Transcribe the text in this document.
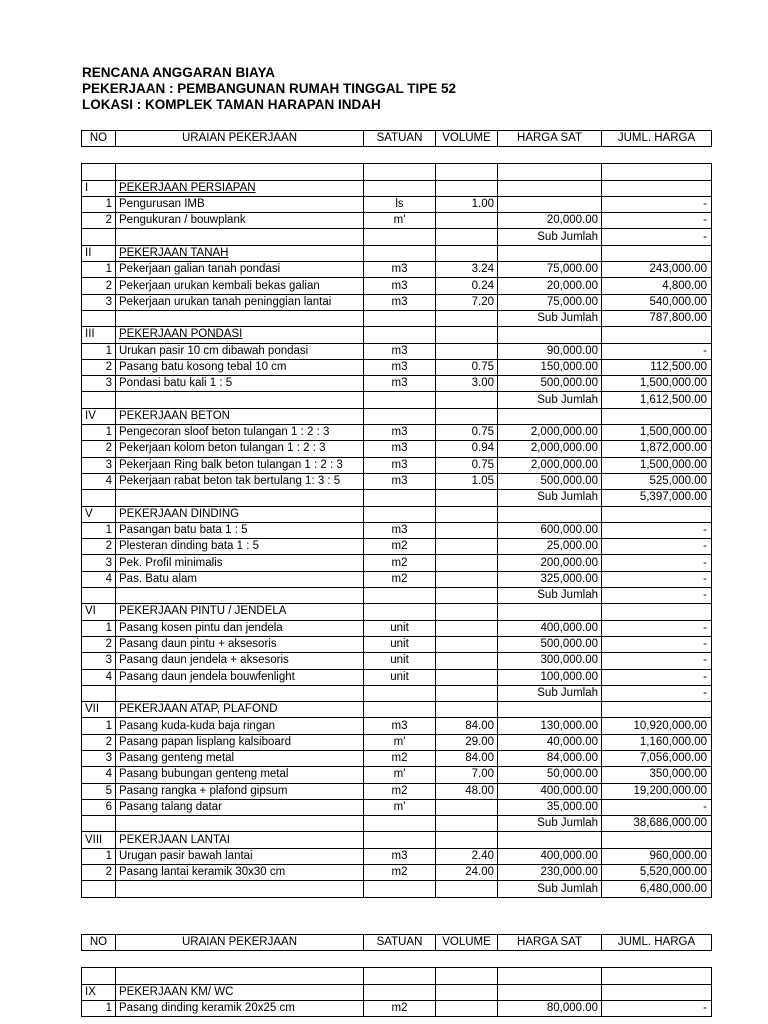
RENCANA ANGGARAN BIAYA
PEKERJAAN : PEMBANGUNAN RUMAH TINGGAL TIPE 52
LOKASI : KOMPLEK TAMAN HARAPAN INDAH
NO	URAIAN PEKERJAAN	SATUAN	VOLUME	HARGA SAT	JUML. HARGA

I	PEKERJAAN PERSIAPAN				
1	Pengurusan IMB	ls	1.00		-
2	Pengukuran / bouwplank	m'		20,000.00	-
				Sub Jumlah	-
II	PEKERJAAN TANAH				
1	Pekerjaan galian tanah pondasi	m3	3.24	75,000.00	243,000.00
2	Pekerjaan urukan kembali bekas galian	m3	0.24	20,000.00	4,800.00
3	Pekerjaan urukan tanah peninggian lantai	m3	7.20	75,000.00	540,000.00
				Sub Jumlah	787,800.00
III	PEKERJAAN PONDASI				
1	Urukan pasir 10 cm dibawah pondasi	m3		90,000.00	-
2	Pasang batu kosong tebal 10 cm	m3	0.75	150,000.00	112,500.00
3	Pondasi batu kali 1 : 5	m3	3.00	500,000.00	1,500,000.00
				Sub Jumlah	1,612,500.00
IV	PEKERJAAN BETON				
1	Pengecoran sloof beton tulangan 1 : 2 : 3	m3	0.75	2,000,000.00	1,500,000.00
2	Pekerjaan kolom beton tulangan 1 : 2 : 3	m3	0.94	2,000,000.00	1,872,000.00
3	Pekerjaan Ring balk beton tulangan 1 : 2 : 3	m3	0.75	2,000,000.00	1,500,000.00
4	Pekerjaan rabat beton tak bertulang 1: 3 : 5	m3	1.05	500,000.00	525,000.00
				Sub Jumlah	5,397,000.00
V	PEKERJAAN DINDING				
1	Pasangan batu bata 1 : 5	m3		600,000.00	-
2	Plesteran dinding bata 1 : 5	m2		25,000.00	-
3	Pek. Profil minimalis	m2		200,000.00	-
4	Pas. Batu alam	m2		325,000.00	-
				Sub Jumlah	-
VI	PEKERJAAN PINTU / JENDELA				
1	Pasang kosen pintu dan jendela	unit		400,000.00	-
2	Pasang daun pintu + aksesoris	unit		500,000.00	-
3	Pasang daun jendela + aksesoris	unit		300,000.00	-
4	Pasang daun jendela bouwfenlight	unit		100,000.00	-
				Sub Jumlah	-
VII	PEKERJAAN ATAP, PLAFOND				
1	Pasang kuda-kuda baja ringan	m3	84.00	130,000.00	10,920,000.00
2	Pasang papan lisplang kalsiboard	m'	29.00	40,000.00	1,160,000.00
3	Pasang genteng metal	m2	84.00	84,000.00	7,056,000.00
4	Pasang bubungan genteng metal	m'	7.00	50,000.00	350,000.00
5	Pasang rangka + plafond gipsum	m2	48.00	400,000.00	19,200,000.00
6	Pasang talang datar	m'		35,000.00	-
				Sub Jumlah	38,686,000.00
VIII	PEKERJAAN LANTAI				
1	Urugan pasir bawah lantai	m3	2.40	400,000.00	960,000.00
2	Pasang lantai keramik 30x30 cm	m2	24.00	230,000.00	5,520,000.00
				Sub Jumlah	6,480,000.00
NO	URAIAN PEKERJAAN	SATUAN	VOLUME	HARGA SAT	JUML. HARGA

IX	PEKERJAAN KM/ WC				
1	Pasang dinding keramik 20x25 cm	m2		80,000.00	-
